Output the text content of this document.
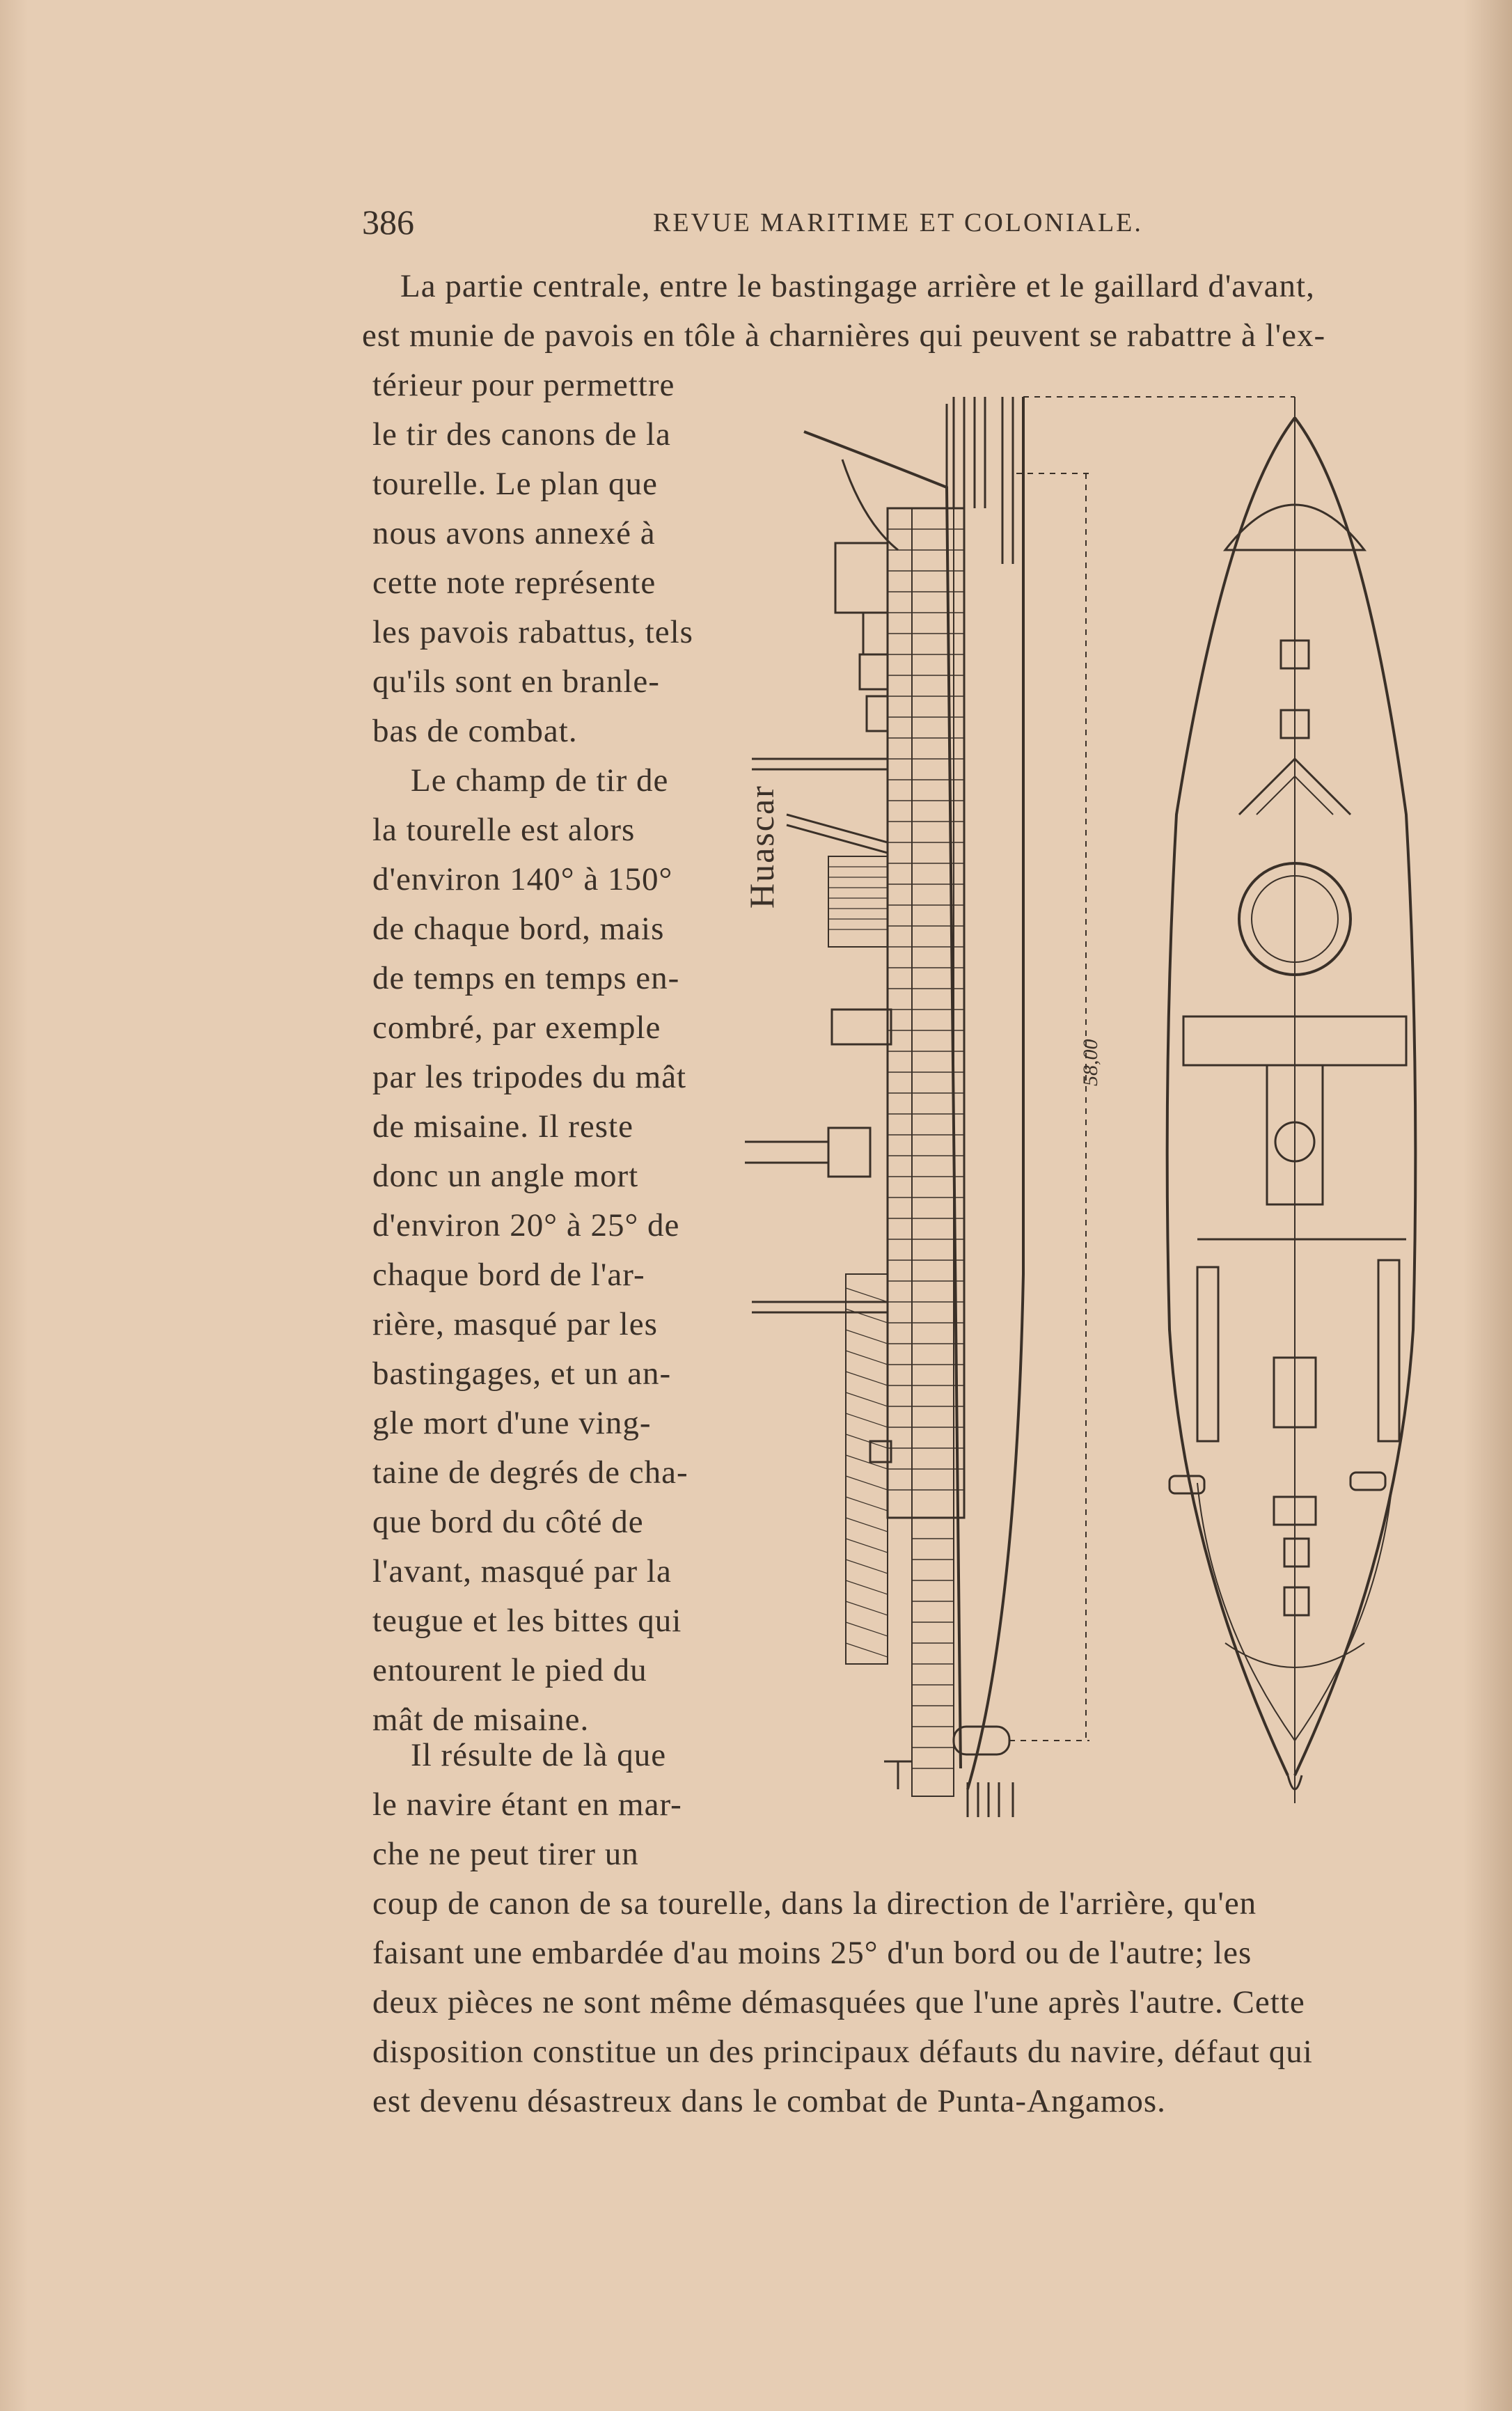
386	REVUE MARITIME ET COLONIALE.

La partie centrale, entre le bastingage arrière et le gaillard d'avant,
est munie de pavois en tôle à charnières qui peuvent se rabattre à l'ex-

térieur pour permettre
le tir des canons de la
tourelle. Le plan que
nous avons annexé à
cette note représente
les pavois rabattus, tels
qu'ils sont en branle-
bas de combat.

Le champ de tir de
la tourelle est alors
d'environ 140° à 150°
de chaque bord, mais
de temps en temps en-
combré, par exemple
par les tripodes du mât
de misaine. Il reste
donc un angle mort
d'environ 20° à 25° de
chaque bord de l'ar-
rière, masqué par les
bastingages, et un an-
gle mort d'une ving-
taine de degrés de cha-
que bord du côté de
l'avant, masqué par la
teugue et les bittes qui
entourent le pied du
mât de misaine.

Il résulte de là que
le navire étant en mar-
che ne peut tirer un

coup de canon de sa tourelle, dans la direction de l'arrière, qu'en
faisant une embardée d'au moins 25° d'un bord ou de l'autre; les
deux pièces ne sont même démasquées que l'une après l'autre. Cette
disposition constitue un des principaux défauts du navire, défaut qui
est devenu désastreux dans le combat de Punta-Angamos.

Huascar
58,00
